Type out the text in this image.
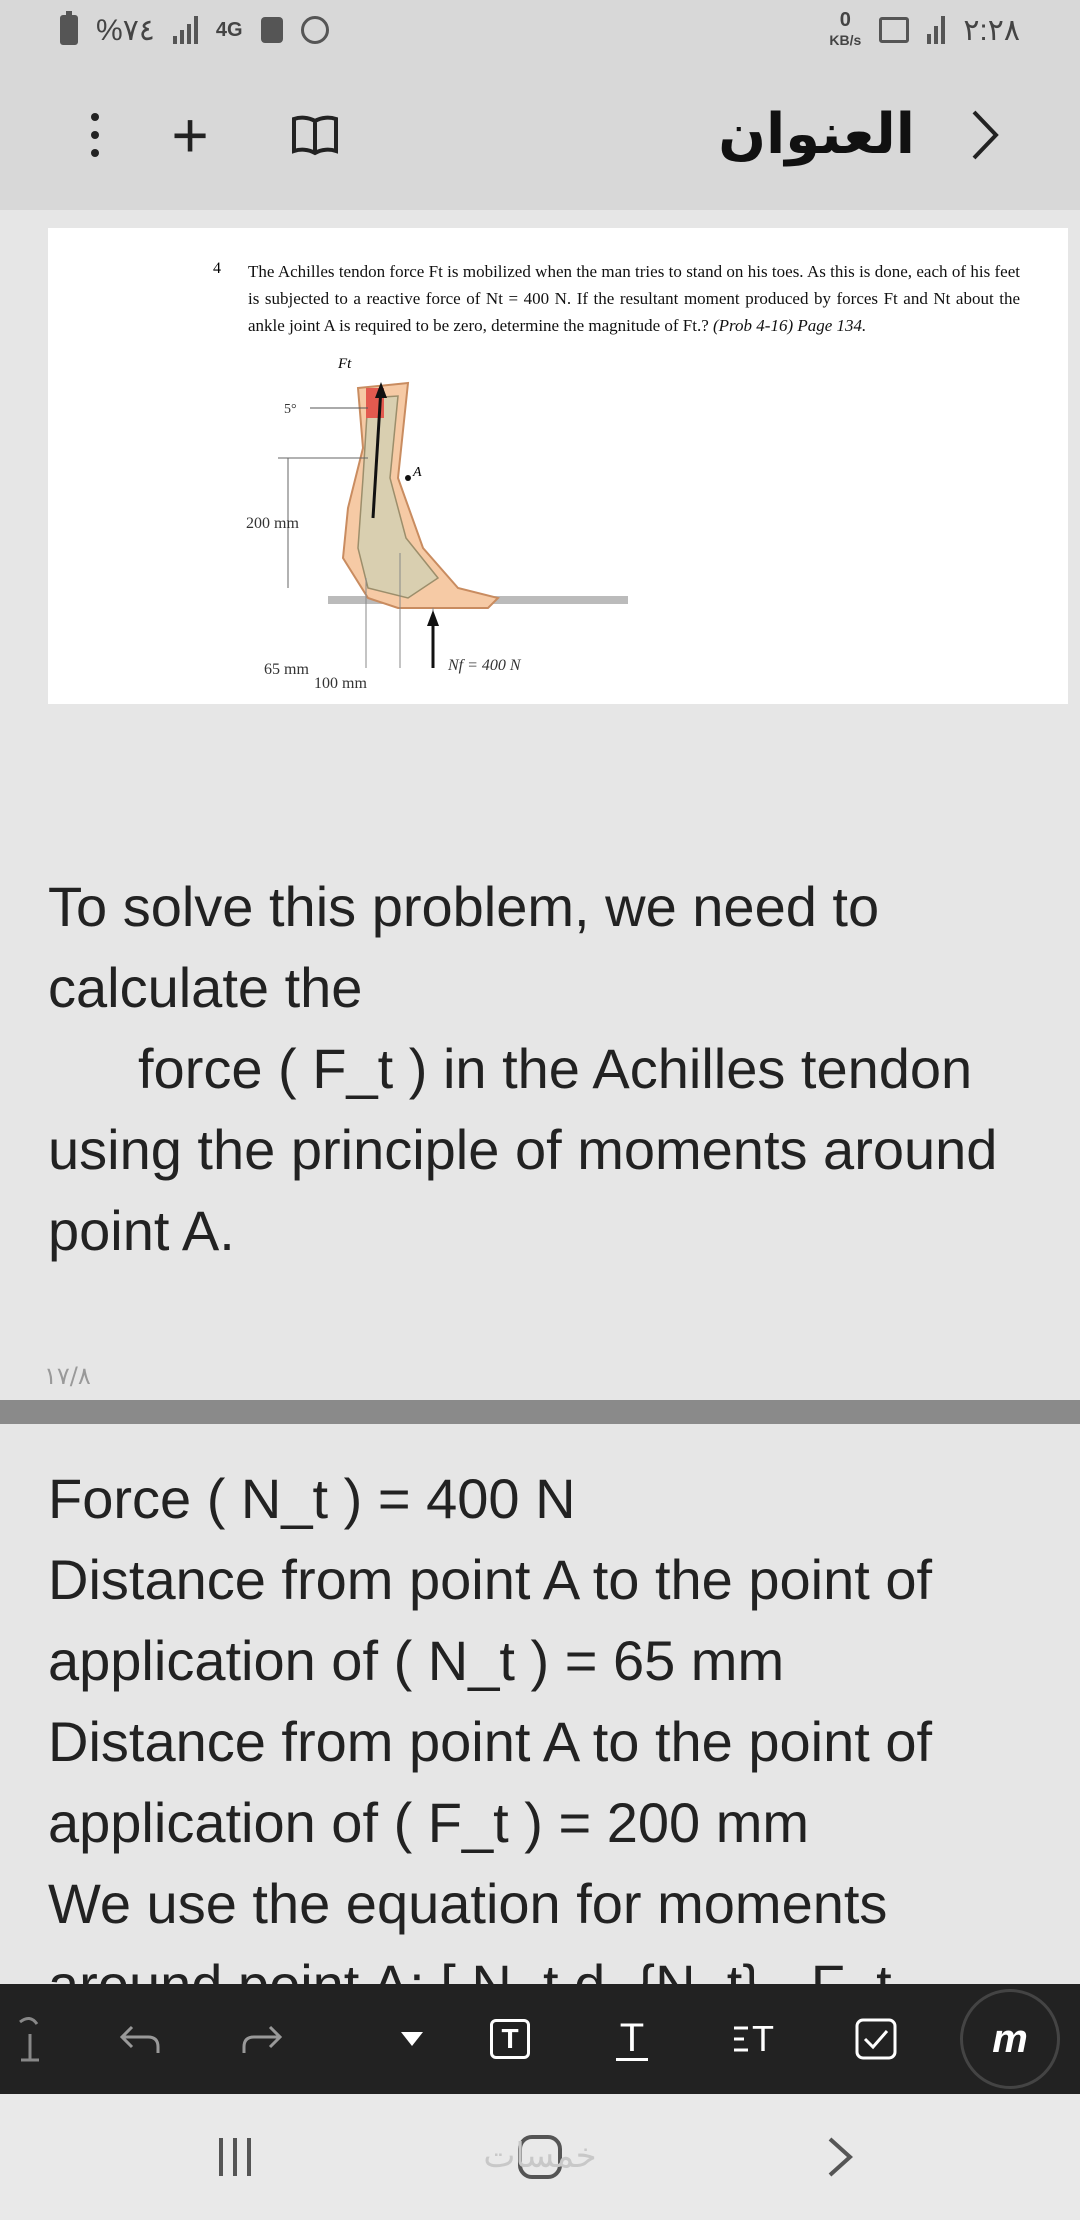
%٧٤	4G	0
KB/s	٢:٢٨
+	العنوان
4 The Achilles tendon force Ft is mobilized when the man tries to stand on his toes. As this is done, each of his feet is subjected to a reactive force of Nt = 400 N. If the resultant moment produced by forces Ft and Nt about the ankle joint A is required to be zero, determine the magnitude of Ft.? (Prob 4-16) Page 134.

Ft
5°
A
200 mm
65 mm
100 mm
Nf = 400 N
To solve this problem, we need to calculate the
force ( F_t ) in the Achilles tendon using the principle of moments around point A.
١٧/٨
Force ( N_t ) = 400 N
Distance from point A to the point of application of ( N_t ) = 65 mm
Distance from point A to the point of application of ( F_t ) = 200 mm
We use the equation for moments
T	T	T	m
خمسات
